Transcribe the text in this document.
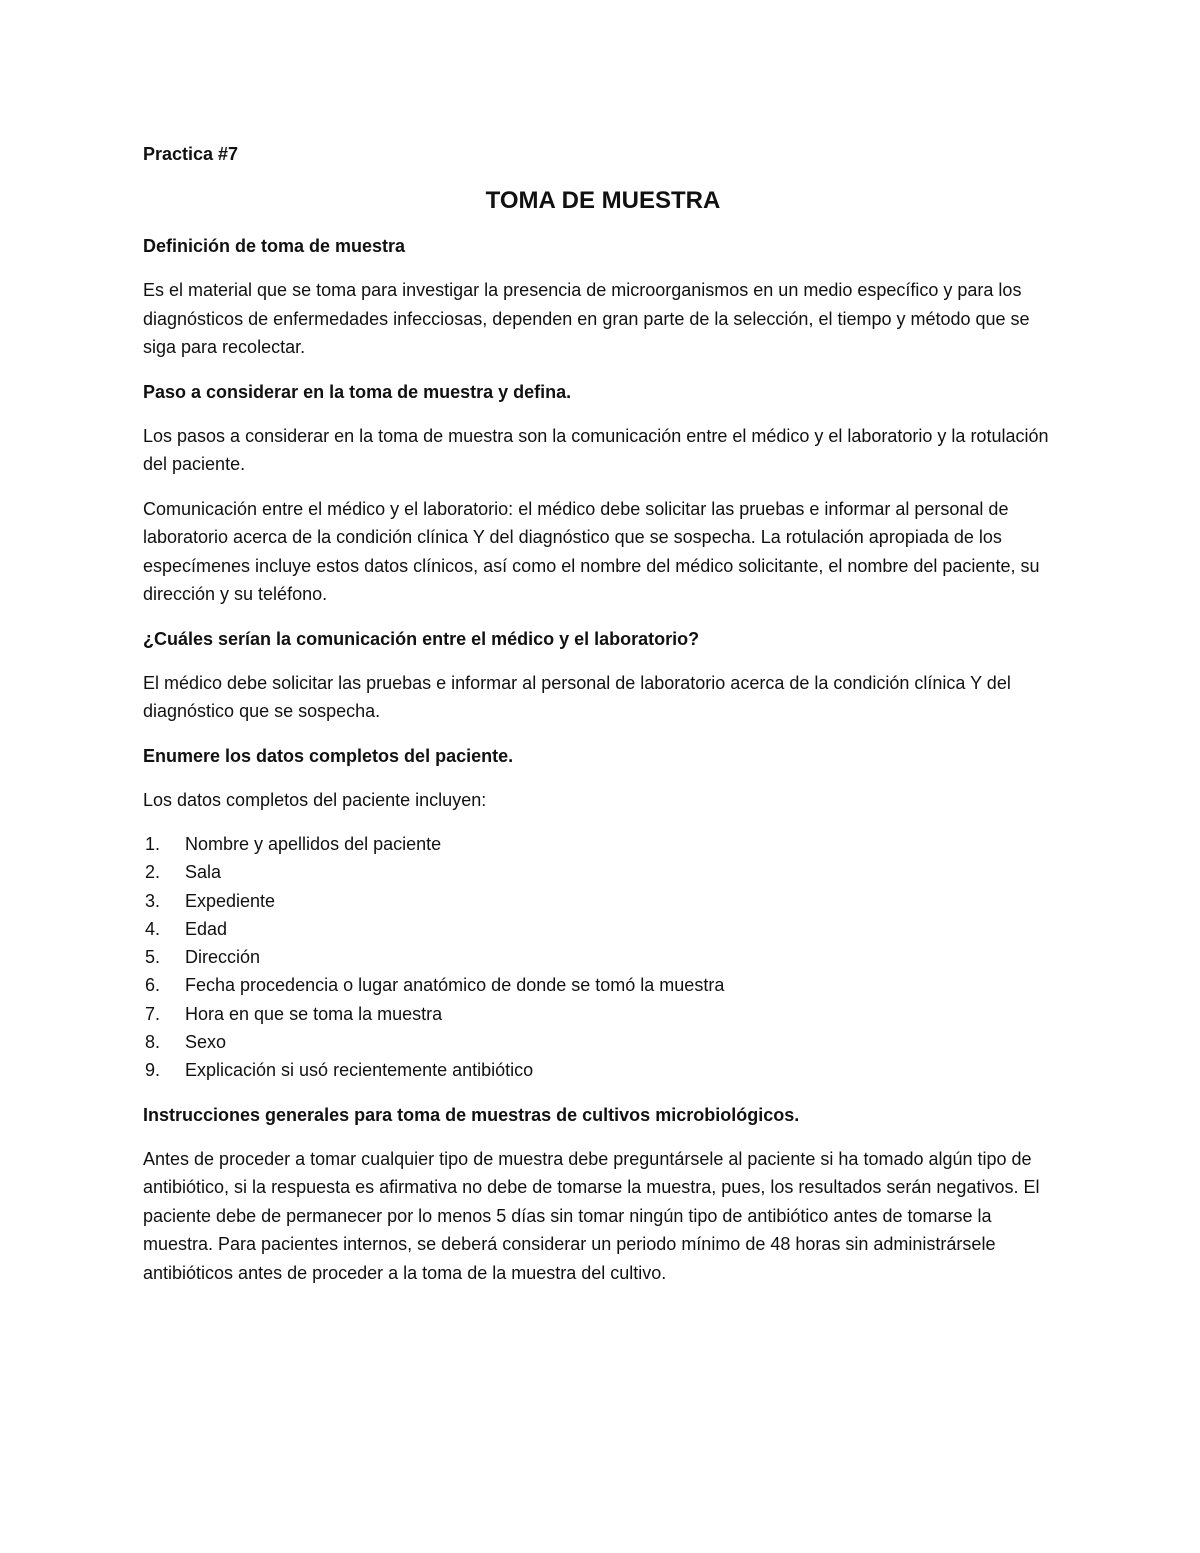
Practica #7
TOMA DE MUESTRA
Definición de toma de muestra

Es el material que se toma para investigar la presencia de microorganismos en un medio específico y para los diagnósticos de enfermedades infecciosas, dependen en gran parte de la selección, el tiempo y método que se siga para recolectar.

Paso a considerar en la toma de muestra y defina.

Los pasos a considerar en la toma de muestra son la comunicación entre el médico y el laboratorio y la rotulación del paciente.

Comunicación entre el médico y el laboratorio: el médico debe solicitar las pruebas e informar al personal de laboratorio acerca de la condición clínica Y del diagnóstico que se sospecha. La rotulación apropiada de los especímenes incluye estos datos clínicos, así como el nombre del médico solicitante, el nombre del paciente, su dirección y su teléfono.

¿Cuáles serían la comunicación entre el médico y el laboratorio?

El médico debe solicitar las pruebas e informar al personal de laboratorio acerca de la condición clínica Y del diagnóstico que se sospecha.

Enumere los datos completos del paciente.

Los datos completos del paciente incluyen:

1.	Nombre y apellidos del paciente
2.	Sala
3.	Expediente
4.	Edad
5.	Dirección
6.	Fecha procedencia o lugar anatómico de donde se tomó la muestra
7.	Hora en que se toma la muestra
8.	Sexo
9.	Explicación si usó recientemente antibiótico
Instrucciones generales para toma de muestras de cultivos microbiológicos.

Antes de proceder a tomar cualquier tipo de muestra debe preguntársele al paciente si ha tomado algún tipo de antibiótico, si la respuesta es afirmativa no debe de tomarse la muestra, pues, los resultados serán negativos. El paciente debe de permanecer por lo menos 5 días sin tomar ningún tipo de antibiótico antes de tomarse la muestra. Para pacientes internos, se deberá considerar un periodo mínimo de 48 horas sin administrársele antibióticos antes de proceder a la toma de la muestra del cultivo.
